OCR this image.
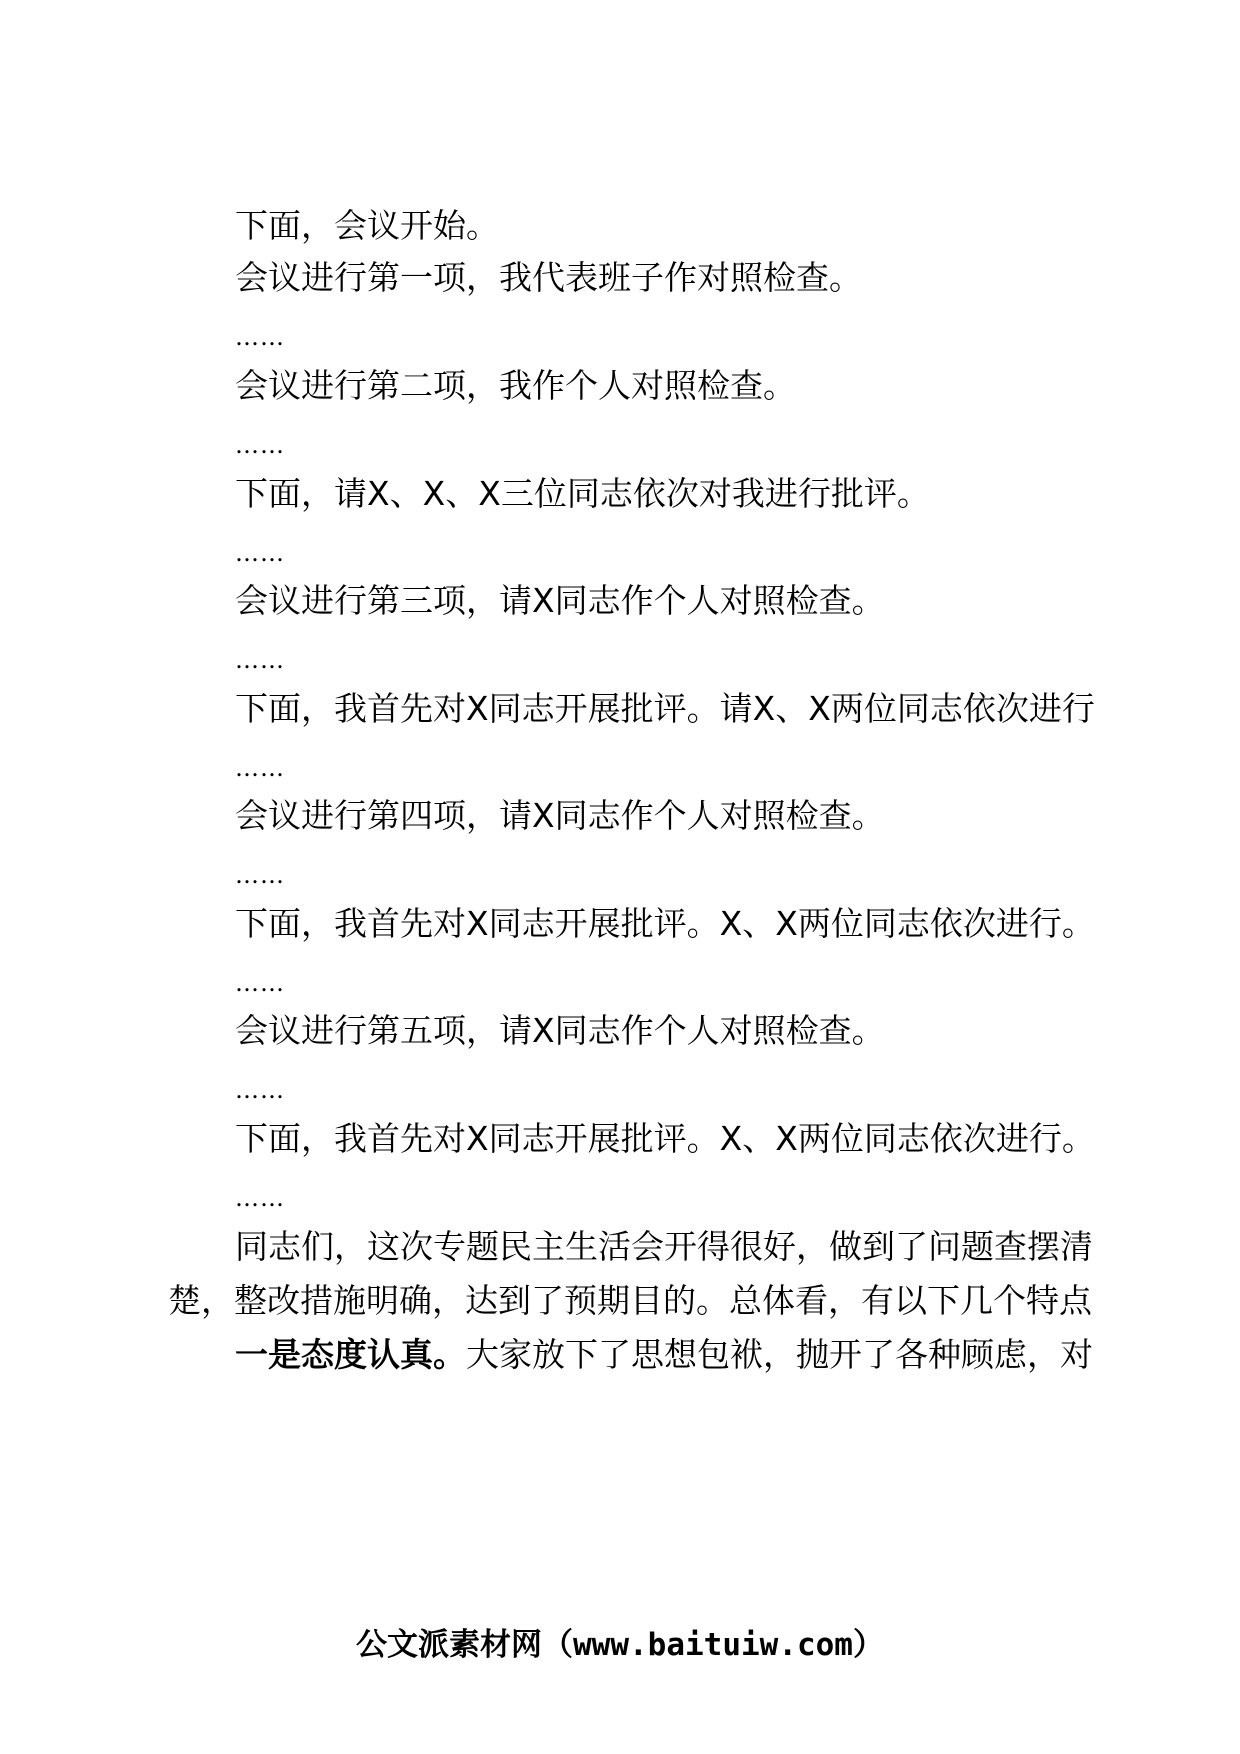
下面，会议开始。
会议进行第一项，我代表班子作对照检查。
……
会议进行第二项，我作个人对照检查。
……
下面，请X、X、X三位同志依次对我进行批评。
……
会议进行第三项，请X同志作个人对照检查。
……
下面，我首先对X同志开展批评。请X、X两位同志依次进行
……
会议进行第四项，请X同志作个人对照检查。
……
下面，我首先对X同志开展批评。X、X两位同志依次进行。
……
会议进行第五项，请X同志作个人对照检查。
……
下面，我首先对X同志开展批评。X、X两位同志依次进行。
……
同志们，这次专题民主生活会开得很好，做到了问题查摆清
楚，整改措施明确，达到了预期目的。总体看，有以下几个特点
一是态度认真。大家放下了思想包袱，抛开了各种顾虑，对
公文派素材网（www.baituiw.com）
